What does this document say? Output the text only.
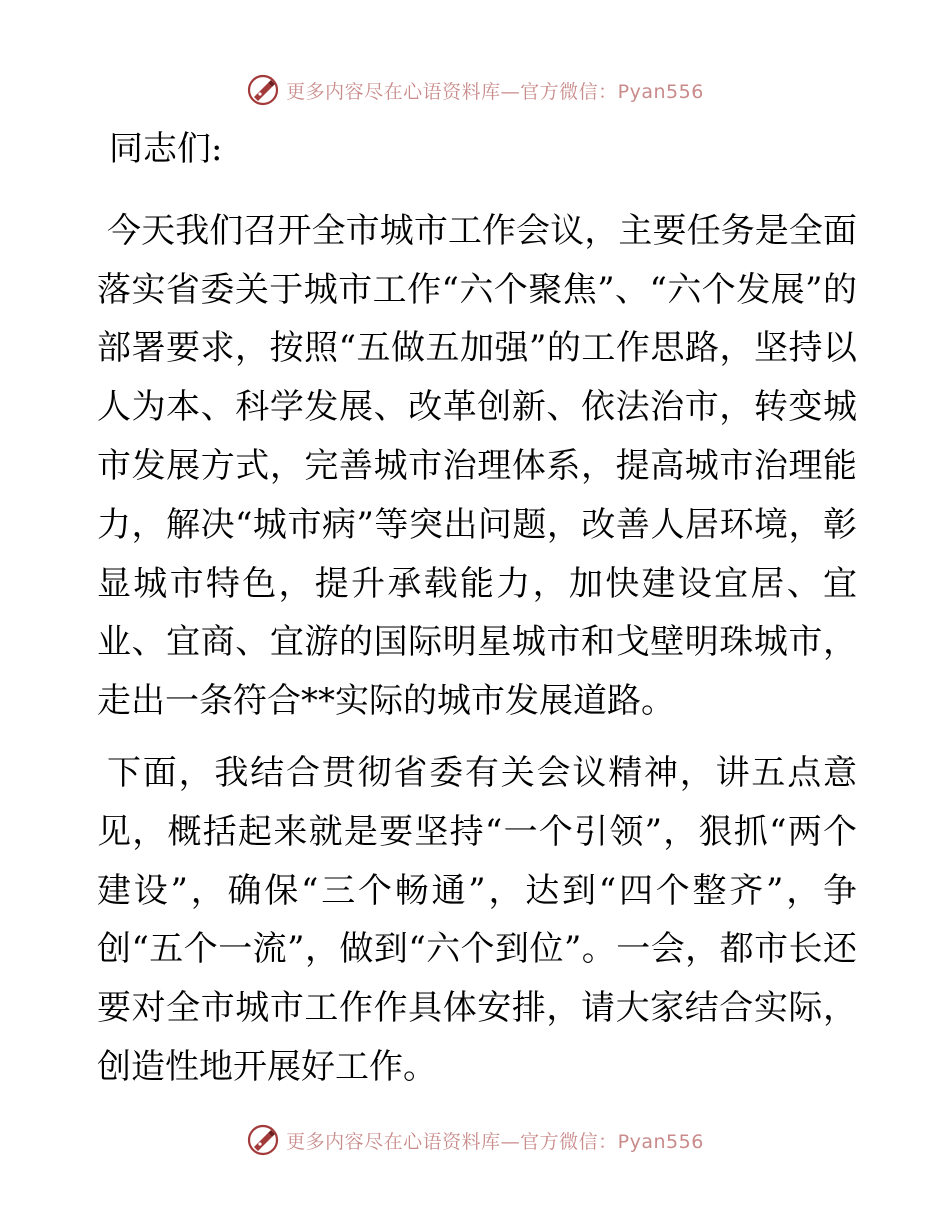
更多内容尽在心语资料库—官方微信：Pyan556

同志们:

今天我们召开全市城市工作会议，主要任务是全面落实省委关于城市工作“六个聚焦”、“六个发展”的部署要求，按照“五做五加强”的工作思路，坚持以人为本、科学发展、改革创新、依法治市，转变城市发展方式，完善城市治理体系，提高城市治理能力，解决“城市病”等突出问题，改善人居环境，彰显城市特色，提升承载能力，加快建设宜居、宜业、宜商、宜游的国际明星城市和戈壁明珠城市，走出一条符合**实际的城市发展道路。

下面，我结合贯彻省委有关会议精神，讲五点意见，概括起来就是要坚持“一个引领”，狠抓“两个建设”，确保“三个畅通”，达到“四个整齐”，争创“五个一流”，做到“六个到位”。一会，都市长还要对全市城市工作作具体安排，请大家结合实际，创造性地开展好工作。

更多内容尽在心语资料库—官方微信：Pyan556
